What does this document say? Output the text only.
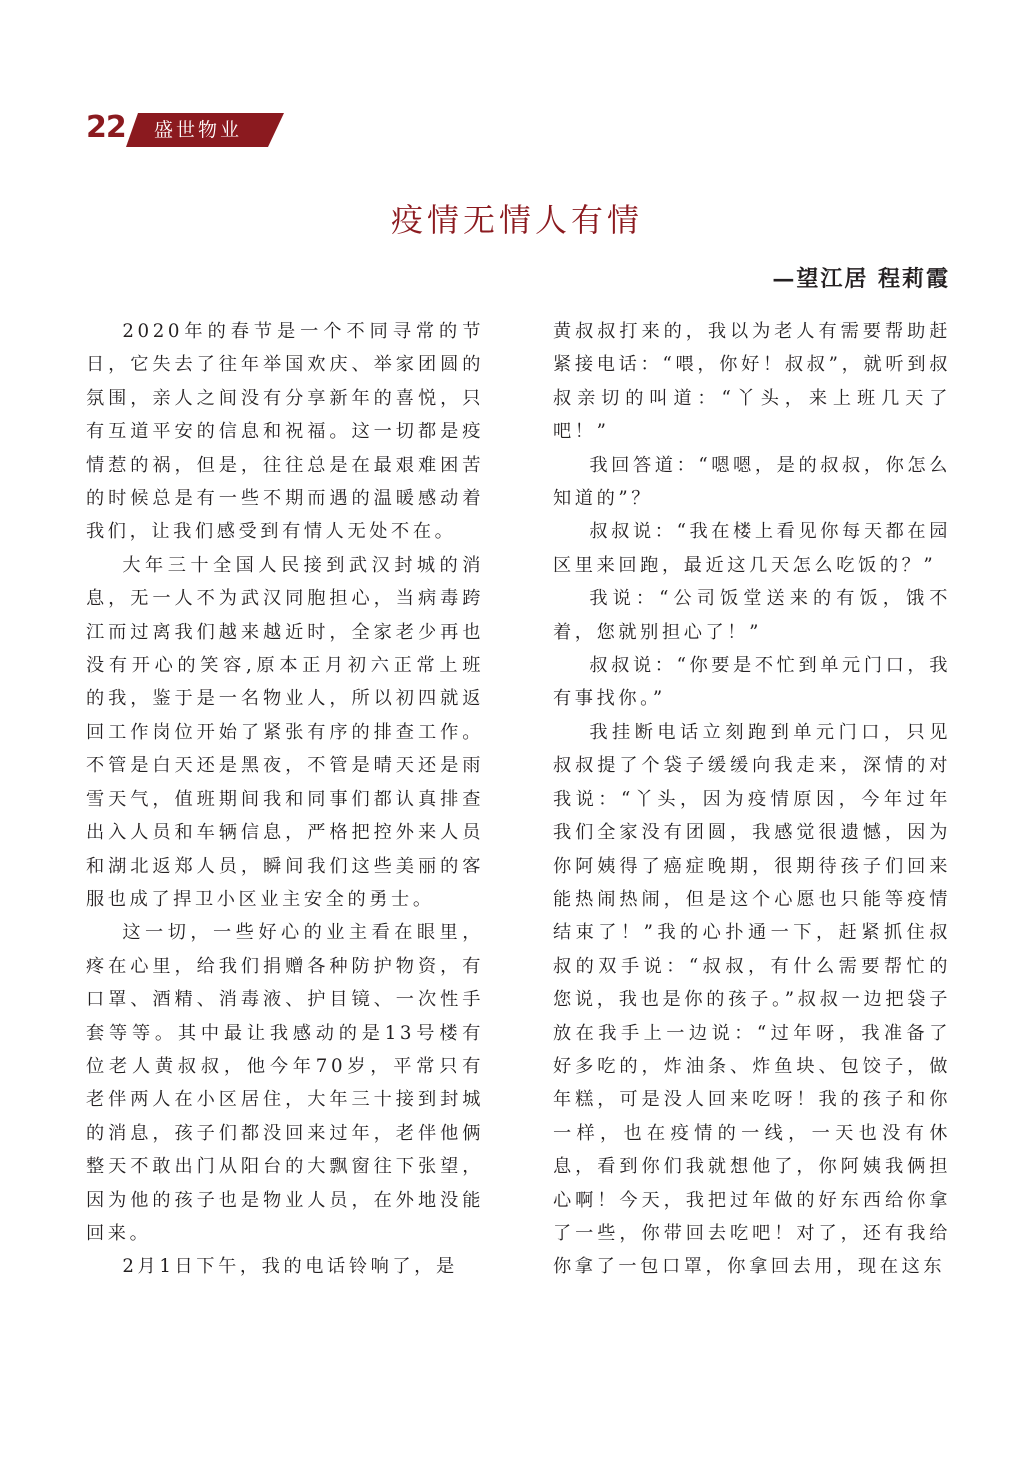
22 盛世物业
疫情无情人有情
—望江居 程莉霞

2020年的春节是一个不同寻常的节日，它失去了往年举国欢庆、举家团圆的氛围，亲人之间没有分享新年的喜悦，只有互道平安的信息和祝福。这一切都是疫情惹的祸，但是，往往总是在最艰难困苦的时候总是有一些不期而遇的温暖感动着我们，让我们感受到有情人无处不在。

大年三十全国人民接到武汉封城的消息，无一人不为武汉同胞担心，当病毒跨江而过离我们越来越近时，全家老少再也没有开心的笑容,原本正月初六正常上班的我，鉴于是一名物业人，所以初四就返回工作岗位开始了紧张有序的排查工作。不管是白天还是黑夜，不管是晴天还是雨雪天气，值班期间我和同事们都认真排查出入人员和车辆信息，严格把控外来人员和湖北返郑人员，瞬间我们这些美丽的客服也成了捍卫小区业主安全的勇士。

这一切，一些好心的业主看在眼里，疼在心里，给我们捐赠各种防护物资，有口罩、酒精、消毒液、护目镜、一次性手套等等。其中最让我感动的是13号楼有位老人黄叔叔，他今年70岁，平常只有老伴两人在小区居住，大年三十接到封城的消息，孩子们都没回来过年，老伴他俩整天不敢出门从阳台的大飘窗往下张望，因为他的孩子也是物业人员，在外地没能回来。

2月1日下午，我的电话铃响了，是

黄叔叔打来的，我以为老人有需要帮助赶紧接电话：“喂，你好！叔叔”，就听到叔叔亲切的叫道：“丫头，来上班几天了吧！”

我回答道：“嗯嗯，是的叔叔，你怎么知道的”？

叔叔说：“我在楼上看见你每天都在园区里来回跑，最近这几天怎么吃饭的？”

我说：“公司饭堂送来的有饭，饿不着，您就别担心了！”

叔叔说：“你要是不忙到单元门口，我有事找你。”

我挂断电话立刻跑到单元门口，只见叔叔提了个袋子缓缓向我走来，深情的对我说：“丫头，因为疫情原因，今年过年我们全家没有团圆，我感觉很遗憾，因为你阿姨得了癌症晚期，很期待孩子们回来能热闹热闹，但是这个心愿也只能等疫情结束了！”我的心扑通一下，赶紧抓住叔叔的双手说：“叔叔，有什么需要帮忙的您说，我也是你的孩子。”叔叔一边把袋子放在我手上一边说：“过年呀，我准备了好多吃的，炸油条、炸鱼块、包饺子，做年糕，可是没人回来吃呀！我的孩子和你一样，也在疫情的一线，一天也没有休息，看到你们我就想他了，你阿姨我俩担心啊！今天，我把过年做的好东西给你拿了一些，你带回去吃吧！对了，还有我给你拿了一包口罩，你拿回去用，现在这东
